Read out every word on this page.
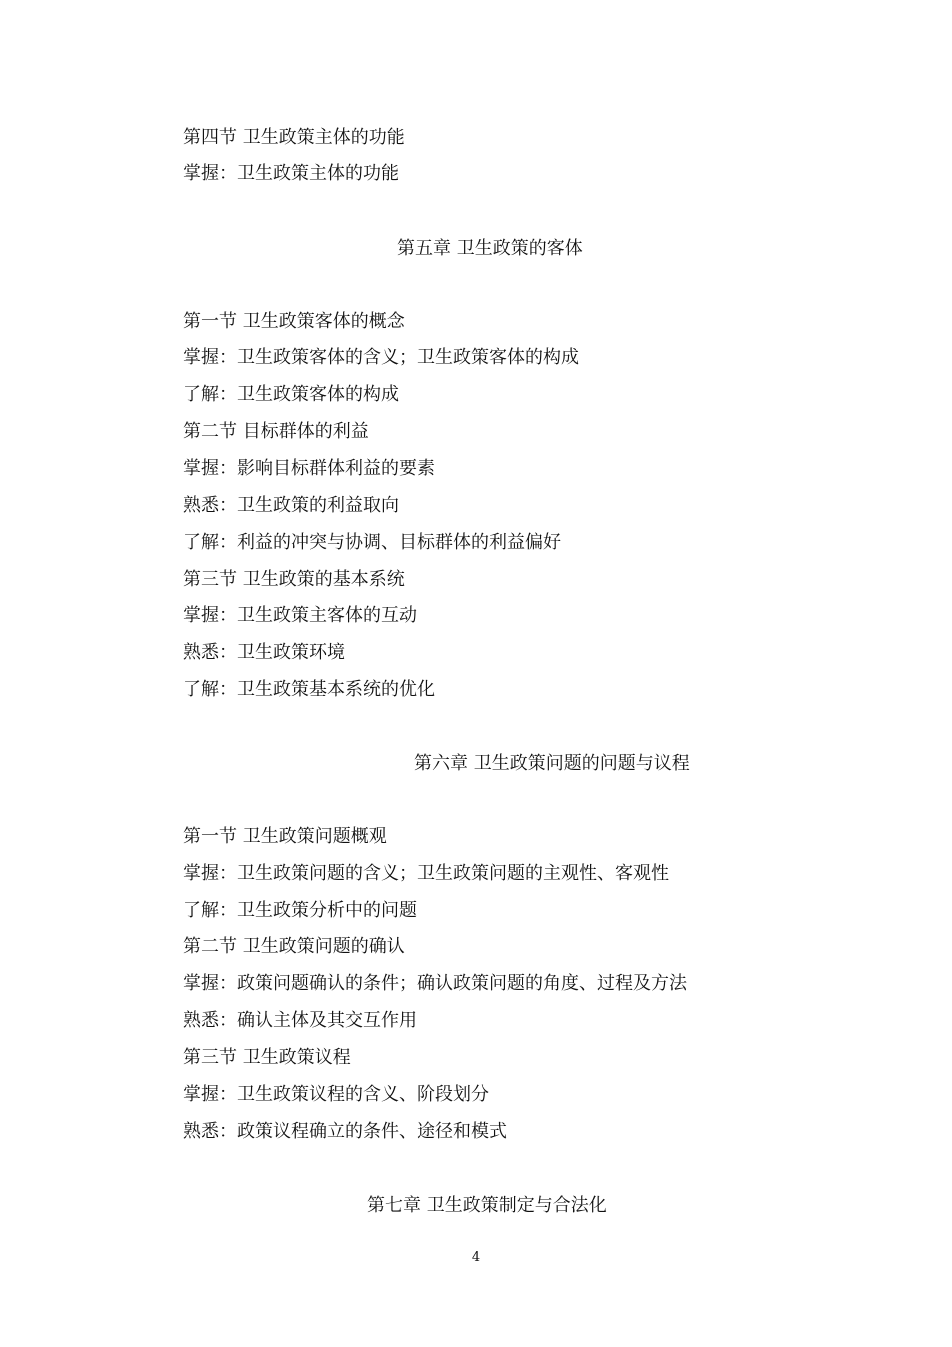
第四节 卫生政策主体的功能
掌握：卫生政策主体的功能
第五章 卫生政策的客体
第一节 卫生政策客体的概念
掌握：卫生政策客体的含义；卫生政策客体的构成
了解：卫生政策客体的构成
第二节 目标群体的利益
掌握：影响目标群体利益的要素
熟悉：卫生政策的利益取向
了解：利益的冲突与协调、目标群体的利益偏好
第三节 卫生政策的基本系统
掌握：卫生政策主客体的互动
熟悉：卫生政策环境
了解：卫生政策基本系统的优化
第六章 卫生政策问题的问题与议程
第一节 卫生政策问题概观
掌握：卫生政策问题的含义；卫生政策问题的主观性、客观性
了解：卫生政策分析中的问题
第二节 卫生政策问题的确认
掌握：政策问题确认的条件；确认政策问题的角度、过程及方法
熟悉：确认主体及其交互作用
第三节 卫生政策议程
掌握：卫生政策议程的含义、阶段划分
熟悉：政策议程确立的条件、途径和模式
第七章 卫生政策制定与合法化
4
